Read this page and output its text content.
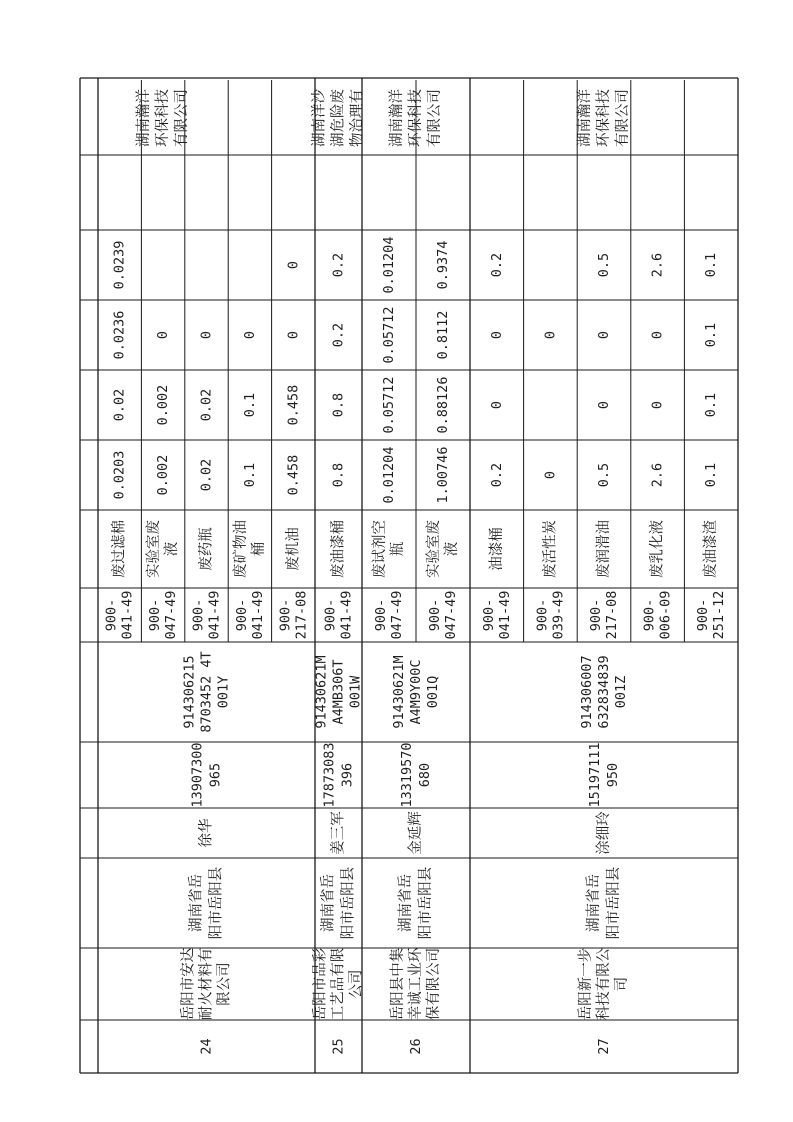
24
岳阳市安达 耐火材料有 限公司
湖南省岳 阳市岳阳县
徐华
13907300 965
914306215 8703452 4T 001Y
900- 041-49
废过滤棉
0.0203
0.02
0.0236
0.0239
900- 047-49
实验室废 液
0.002
0.002
0
900- 041-49
废药瓶
0.02
0.02
0
900- 041-49
废矿物油 桶
0.1
0.1
0
900- 217-08
废机油
0.458
0.458
0
0
湖南瀚洋 环保科技 有限公司
25
岳阳市品彩 工艺品有限 公司
湖南省岳 阳市岳阳县
姜三军
17873083 396
91430621M A4MB306T 001W
900- 041-49
废油漆桶
0.8
0.8
0.2
0.2
湖南洋沙 湖危险废 物治理有
26
岳阳县中集 幸诚工业环 保有限公司
湖南省岳 阳市岳阳县
金延辉
13319570 680
91430621M A4M9Y00C 001Q
900- 047-49
废试剂空 瓶
0.01204
0.05712
0.05712
0.01204
900- 047-49
实验室废 液
1.00746
0.88126
0.8112
0.9374
湖南瀚洋 环保科技 有限公司
27
岳阳新一步 科技有限公 司
湖南省岳 阳市岳阳县
涂细玲
15197111 950
914306007 632834839 001Z
900- 041-49
油漆桶
0.2
0
0
0.2
900- 039-49
废活性炭
0
0
900- 217-08
废润滑油
0.5
0
0
0.5
900- 006-09
废乳化液
2.6
0
0
2.6
900- 251-12
废油漆渣
0.1
0.1
0.1
0.1
湖南瀚洋 环保科技 有限公司
